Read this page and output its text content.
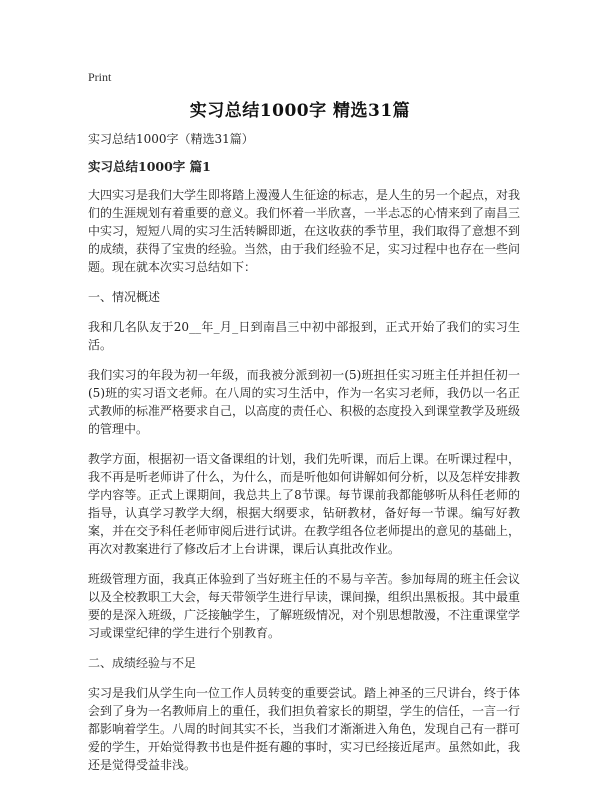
Print
实习总结1000字 精选31篇
实习总结1000字（精选31篇）
实习总结1000字 篇1

大四实习是我们大学生即将踏上漫漫人生征途的标志，是人生的另一个起点，对我们的生涯规划有着重要的意义。我们怀着一半欣喜，一半忐忑的心情来到了南昌三中实习，短短八周的实习生活转瞬即逝，在这收获的季节里，我们取得了意想不到的成绩，获得了宝贵的经验。当然，由于我们经验不足，实习过程中也存在一些问题。现在就本次实习总结如下：

一、情况概述

我和几名队友于20__年_月_日到南昌三中初中部报到，正式开始了我们的实习生活。

我们实习的年段为初一年级，而我被分派到初一(5)班担任实习班主任并担任初一(5)班的实习语文老师。在八周的实习生活中，作为一名实习老师，我仍以一名正式教师的标准严格要求自己，以高度的责任心、积极的态度投入到课堂教学及班级的管理中。

教学方面，根据初一语文备课组的计划，我们先听课，而后上课。在听课过程中，我不再是听老师讲了什么，为什么，而是听他如何讲解如何分析，以及怎样安排教学内容等。正式上课期间，我总共上了8节课。每节课前我都能够听从科任老师的指导，认真学习教学大纲，根据大纲要求，钻研教材，备好每一节课。编写好教案，并在交予科任老师审阅后进行试讲。在教学组各位老师提出的意见的基础上，再次对教案进行了修改后才上台讲课，课后认真批改作业。

班级管理方面，我真正体验到了当好班主任的不易与辛苦。参加每周的班主任会议以及全校教职工大会，每天带领学生进行早读，课间操，组织出黑板报。其中最重要的是深入班级，广泛接触学生，了解班级情况，对个别思想散漫，不注重课堂学习或课堂纪律的学生进行个别教育。

二、成绩经验与不足

实习是我们从学生向一位工作人员转变的重要尝试。踏上神圣的三尺讲台，终于体会到了身为一名教师肩上的重任，我们担负着家长的期望，学生的信任，一言一行都影响着学生。八周的时间其实不长，当我们才渐渐进入角色，发现自己有一群可爱的学生，开始觉得教书也是件挺有趣的事时，实习已经接近尾声。虽然如此，我还是觉得受益非浅。
